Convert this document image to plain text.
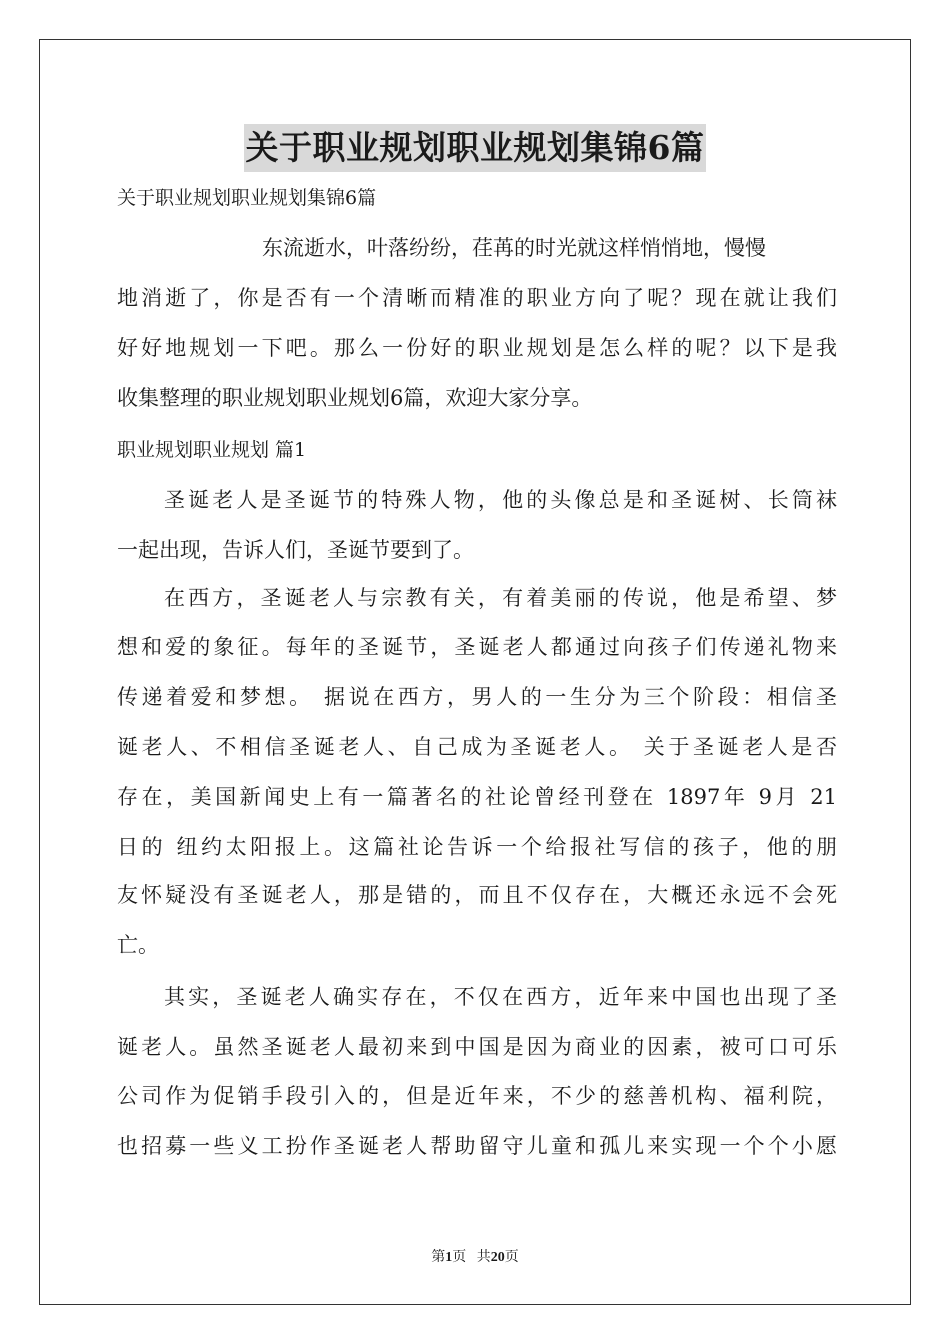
关于职业规划职业规划集锦6篇
关于职业规划职业规划集锦6篇
东流逝水，叶落纷纷，荏苒的时光就这样悄悄地，慢慢
地消逝了，你是否有一个清晰而精准的职业方向了呢？现在就让我们
好好地规划一下吧。那么一份好的职业规划是怎么样的呢？以下是我
收集整理的职业规划职业规划6篇，欢迎大家分享。
职业规划职业规划 篇1
圣诞老人是圣诞节的特殊人物，他的头像总是和圣诞树、长筒袜
一起出现，告诉人们，圣诞节要到了。
在西方，圣诞老人与宗教有关，有着美丽的传说，他是希望、梦
想和爱的象征。每年的圣诞节，圣诞老人都通过向孩子们传递礼物来
传递着爱和梦想。 据说在西方，男人的一生分为三个阶段：相信圣
诞老人、不相信圣诞老人、自己成为圣诞老人。 关于圣诞老人是否
存在，美国新闻史上有一篇著名的社论曾经刊登在 1897年 9月 21
日的 纽约太阳报上。这篇社论告诉一个给报社写信的孩子，他的朋
友怀疑没有圣诞老人，那是错的，而且不仅存在，大概还永远不会死
亡。
其实，圣诞老人确实存在，不仅在西方，近年来中国也出现了圣
诞老人。虽然圣诞老人最初来到中国是因为商业的因素，被可口可乐
公司作为促销手段引入的，但是近年来，不少的慈善机构、福利院，
也招募一些义工扮作圣诞老人帮助留守儿童和孤儿来实现一个个小愿
第1页 共20页
